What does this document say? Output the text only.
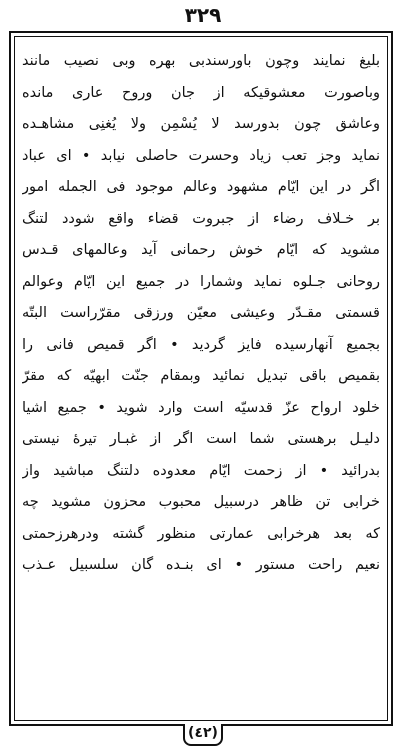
٣٢٩
بلیغ نمایند وچون باورسندبی بهره وبی نصیب مانند
وباصورت معشوقیکه از جان وروح عاری مانده
وعاشق چون بدورسد لا یُسْمِن ولا یُغنِی مشاهـده
نماید وجز تعب زیاد وحسرت حاصلی نیابد • ای عباد
اگر در این ایّام مشهود وعالم موجود فی الجمله امور
بر خـلاف رضاء از جبروت قضاء واقع شودد لتنگ
مشوید که ایّام خوش رحمانی آید وعالمهای قـدس
روحانی جـلوه نماید وشمارا در جمیع این ایّام وعوالم
قسمتی مقـدّر وعیشی معیّن ورزقی مقرّراست البتّه
بجمیع آنهارسیده فایز گردید • اگر قمیص فانی را
بقمیص باقی تبدیل نمائید وبمقام جنّت ابهیّه که مقرّ
خلود ارواح عزّ قدسیّه است وارد شوید • جمیع اشیا
دلیـل برهستی شما است اگر از غبـار تیرهٔ نیستی
بدرائید • از زحمت ایّام معدوده دلتنگ مباشید واز
خرابی تن ظاهر درسبیل محبوب محزون مشوید چه
که بعد هرخرابی عمارتی منظور گشته ودرهرزحمتی
نعیم راحت مستور • ای بنـده گان سلسبیل عـذب
(٤٢)
